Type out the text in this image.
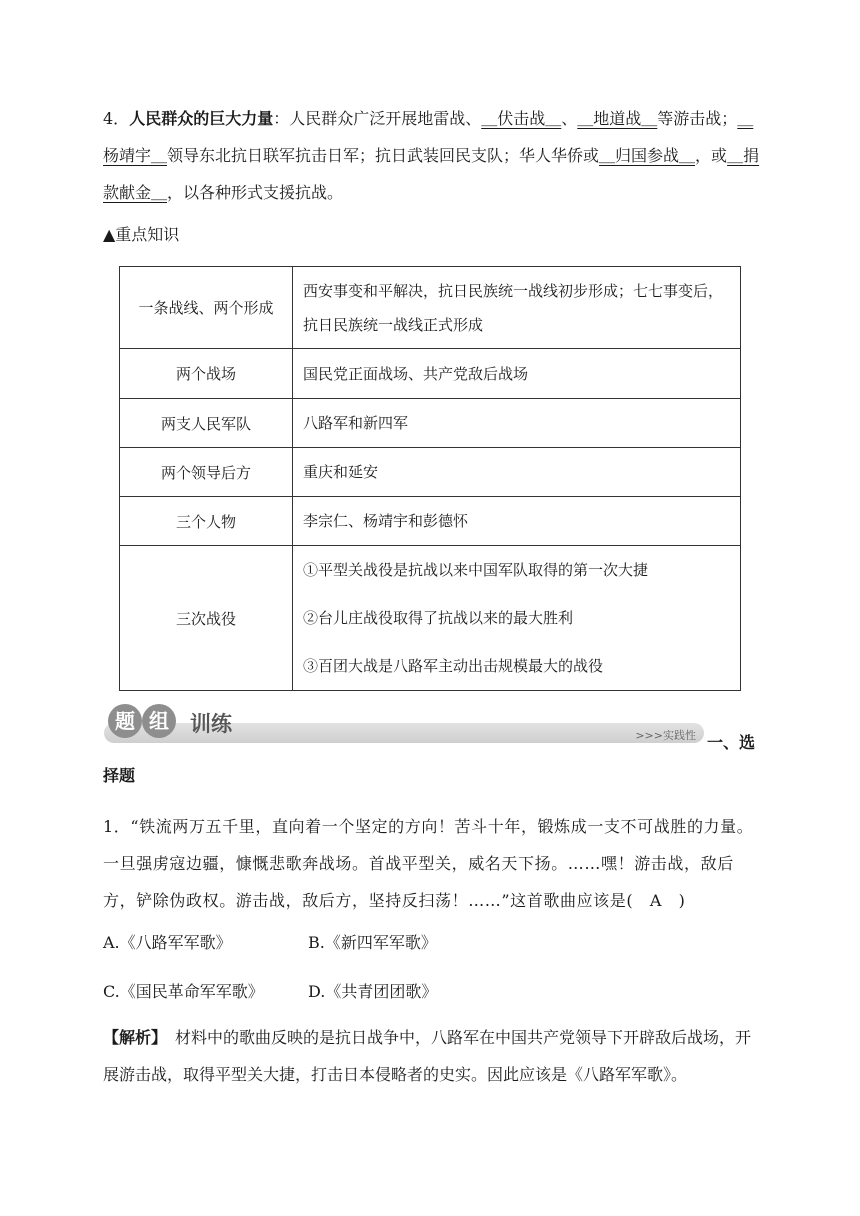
4．人民群众的巨大力量：人民群众广泛开展地雷战、＿伏击战＿、＿地道战＿等游击战；＿杨靖宇＿领导东北抗日联军抗击日军；抗日武装回民支队；华人华侨或＿归国参战＿，或＿捐款献金＿，以各种形式支援抗战。

▲重点知识
一条战线、两个形成	西安事变和平解决，抗日民族统一战线初步形成；七七事变后，抗日民族统一战线正式形成

两个战场	国民党正面战场、共产党敌后战场

两支人民军队	八路军和新四军

两个领导后方	重庆和延安

三个人物	李宗仁、杨靖宇和彭德怀

三次战役	①平型关战役是抗战以来中国军队取得的第一次大捷

②台儿庄战役取得了抗战以来的最大胜利

③百团大战是八路军主动出击规模最大的战役

题 组	训练	>>>实践性 一、选
择题

1．“铁流两万五千里，直向着一个坚定的方向！苦斗十年，锻炼成一支不可战胜的力量。一旦强虏寇边疆，慷慨悲歌奔战场。首战平型关，威名天下扬。……嘿！游击战，敌后方，铲除伪政权。游击战，敌后方，坚持反扫荡！……”这首歌曲应该是(　A　)

A.《八路军军歌》	B.《新四军军歌》
C.《国民革命军军歌》	D.《共青团团歌》

【解析】  材料中的歌曲反映的是抗日战争中，八路军在中国共产党领导下开辟敌后战场，开展游击战，取得平型关大捷，打击日本侵略者的史实。因此应该是《八路军军歌》。
